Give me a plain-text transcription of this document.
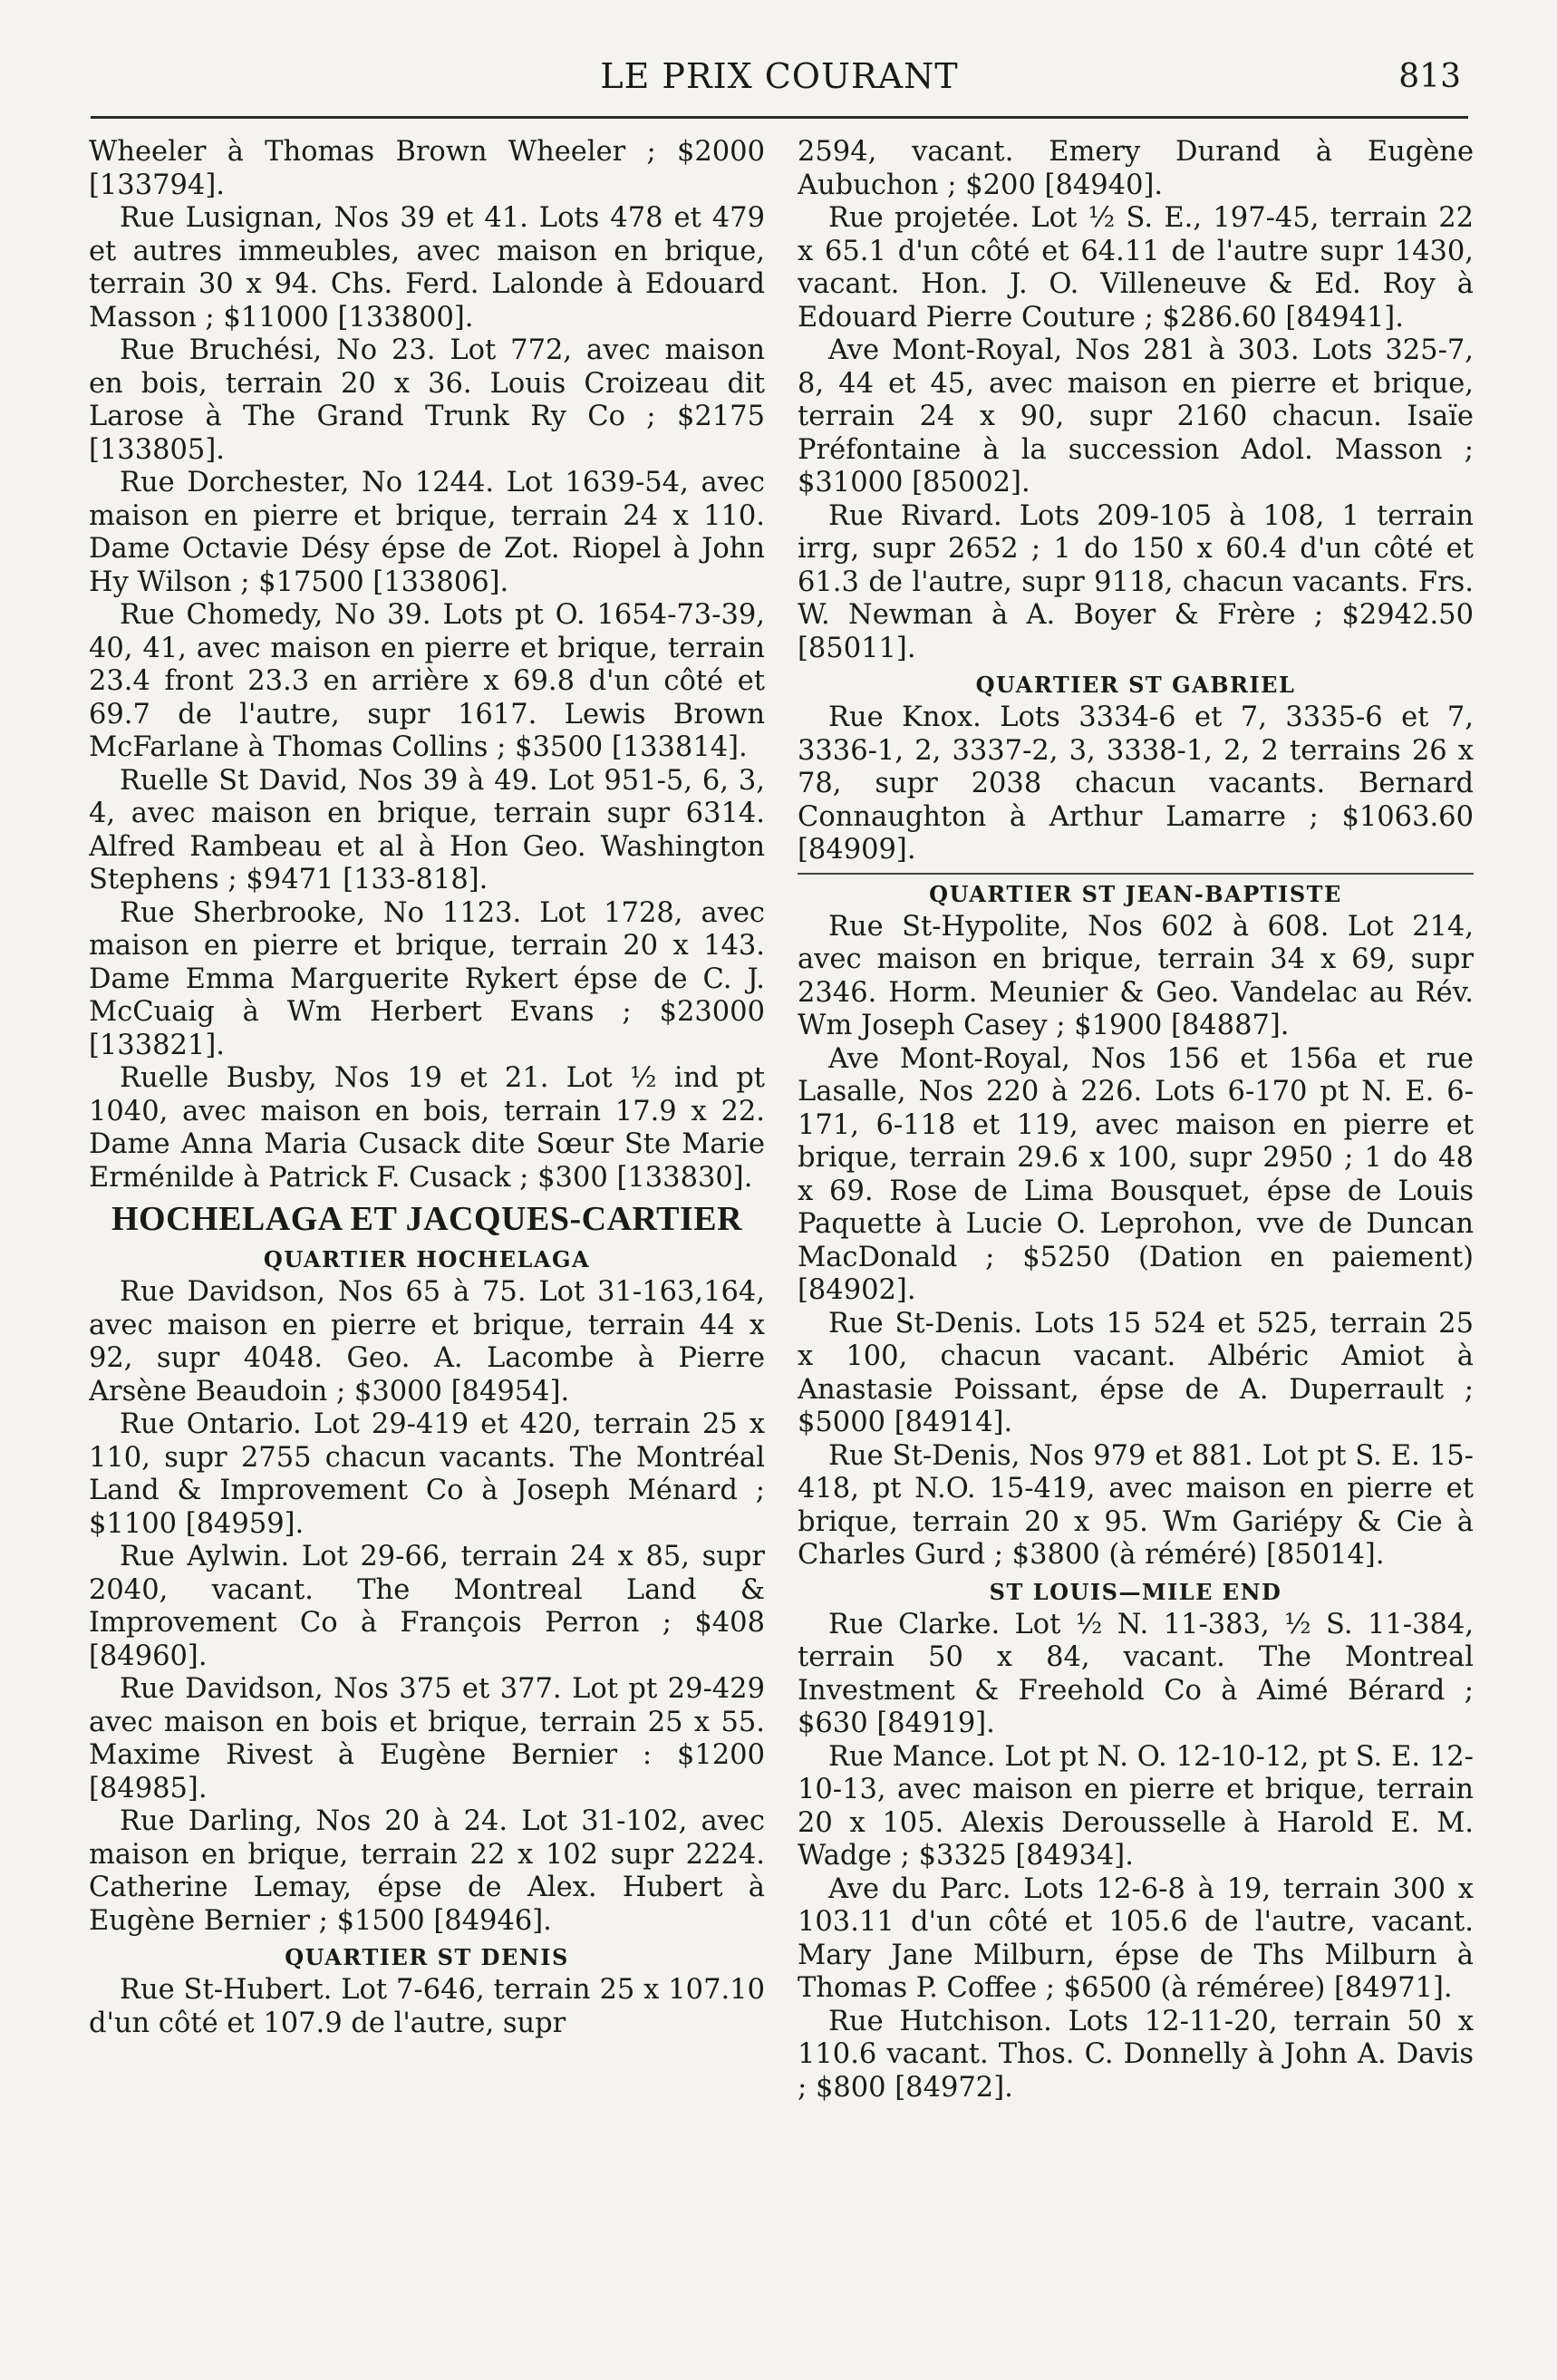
LE PRIX COURANT	813

Wheeler à Thomas Brown Wheeler ; $2000 [133794].

Rue Lusignan, Nos 39 et 41. Lots 478 et 479 et autres immeubles, avec maison en brique, terrain 30 x 94. Chs. Ferd. Lalonde à Edouard Masson ; $11000 [133800].

Rue Bruchési, No 23. Lot 772, avec maison en bois, terrain 20 x 36. Louis Croizeau dit Larose à The Grand Trunk Ry Co ; $2175 [133805].

Rue Dorchester, No 1244. Lot 1639-54, avec maison en pierre et brique, terrain 24 x 110. Dame Octavie Désy épse de Zot. Riopel à John Hy Wilson ; $17500 [133806].

Rue Chomedy, No 39. Lots pt O. 1654-73-39, 40, 41, avec maison en pierre et brique, terrain 23.4 front 23.3 en arrière x 69.8 d'un côté et 69.7 de l'autre, supr 1617. Lewis Brown McFarlane à Thomas Collins ; $3500 [133814].

Ruelle St David, Nos 39 à 49. Lot 951-5, 6, 3, 4, avec maison en brique, terrain supr 6314. Alfred Rambeau et al à Hon Geo. Washington Stephens ; $9471 [133-818].

Rue Sherbrooke, No 1123. Lot 1728, avec maison en pierre et brique, terrain 20 x 143. Dame Emma Marguerite Rykert épse de C. J. McCuaig à Wm Herbert Evans ; $23000 [133821].

Ruelle Busby, Nos 19 et 21. Lot ½ ind pt 1040, avec maison en bois, terrain 17.9 x 22. Dame Anna Maria Cusack dite Sœur Ste Marie Erménilde à Patrick F. Cusack ; $300 [133830].

HOCHELAGA ET JACQUES-CARTIER
QUARTIER HOCHELAGA

Rue Davidson, Nos 65 à 75. Lot 31-163,164, avec maison en pierre et brique, terrain 44 x 92, supr 4048. Geo. A. Lacombe à Pierre Arsène Beaudoin ; $3000 [84954].

Rue Ontario. Lot 29-419 et 420, terrain 25 x 110, supr 2755 chacun vacants. The Montréal Land & Improvement Co à Joseph Ménard ; $1100 [84959].

Rue Aylwin. Lot 29-66, terrain 24 x 85, supr 2040, vacant. The Montreal Land & Improvement Co à François Perron ; $408 [84960].

Rue Davidson, Nos 375 et 377. Lot pt 29-429 avec maison en bois et brique, terrain 25 x 55. Maxime Rivest à Eugène Bernier : $1200 [84985].

Rue Darling, Nos 20 à 24. Lot 31-102, avec maison en brique, terrain 22 x 102 supr 2224. Catherine Lemay, épse de Alex. Hubert à Eugène Bernier ; $1500 [84946].

QUARTIER ST DENIS

Rue St-Hubert. Lot 7-646, terrain 25 x 107.10 d'un côté et 107.9 de l'autre, supr

2594, vacant. Emery Durand à Eugène Aubuchon ; $200 [84940].

Rue projetée. Lot ½ S. E., 197-45, terrain 22 x 65.1 d'un côté et 64.11 de l'autre supr 1430, vacant. Hon. J. O. Villeneuve & Ed. Roy à Edouard Pierre Couture ; $286.60 [84941].

Ave Mont-Royal, Nos 281 à 303. Lots 325-7, 8, 44 et 45, avec maison en pierre et brique, terrain 24 x 90, supr 2160 chacun. Isaïe Préfontaine à la succession Adol. Masson ; $31000 [85002].

Rue Rivard. Lots 209-105 à 108, 1 terrain irrg, supr 2652 ; 1 do 150 x 60.4 d'un côté et 61.3 de l'autre, supr 9118, chacun vacants. Frs. W. Newman à A. Boyer & Frère ; $2942.50 [85011].

QUARTIER ST GABRIEL

Rue Knox. Lots 3334-6 et 7, 3335-6 et 7, 3336-1, 2, 3337-2, 3, 3338-1, 2, 2 terrains 26 x 78, supr 2038 chacun vacants. Bernard Connaughton à Arthur Lamarre ; $1063.60 [84909].

QUARTIER ST JEAN-BAPTISTE

Rue St-Hypolite, Nos 602 à 608. Lot 214, avec maison en brique, terrain 34 x 69, supr 2346. Horm. Meunier & Geo. Vandelac au Rév. Wm Joseph Casey ; $1900 [84887].

Ave Mont-Royal, Nos 156 et 156a et rue Lasalle, Nos 220 à 226. Lots 6-170 pt N. E. 6-171, 6-118 et 119, avec maison en pierre et brique, terrain 29.6 x 100, supr 2950 ; 1 do 48 x 69. Rose de Lima Bousquet, épse de Louis Paquette à Lucie O. Leprohon, vve de Duncan MacDonald ; $5250 (Dation en paiement) [84902].

Rue St-Denis. Lots 15 524 et 525, terrain 25 x 100, chacun vacant. Albéric Amiot à Anastasie Poissant, épse de A. Duperrault ; $5000 [84914].

Rue St-Denis, Nos 979 et 881. Lot pt S. E. 15-418, pt N.O. 15-419, avec maison en pierre et brique, terrain 20 x 95. Wm Gariépy & Cie à Charles Gurd ; $3800 (à réméré) [85014].

ST LOUIS—MILE END

Rue Clarke. Lot ½ N. 11-383, ½ S. 11-384, terrain 50 x 84, vacant. The Montreal Investment & Freehold Co à Aimé Bérard ; $630 [84919].

Rue Mance. Lot pt N. O. 12-10-12, pt S. E. 12-10-13, avec maison en pierre et brique, terrain 20 x 105. Alexis Derousselle à Harold E. M. Wadge ; $3325 [84934].

Ave du Parc. Lots 12-6-8 à 19, terrain 300 x 103.11 d'un côté et 105.6 de l'autre, vacant. Mary Jane Milburn, épse de Ths Milburn à Thomas P. Coffee ; $6500 (à réméree) [84971].

Rue Hutchison. Lots 12-11-20, terrain 50 x 110.6 vacant. Thos. C. Donnelly à John A. Davis ; $800 [84972].
